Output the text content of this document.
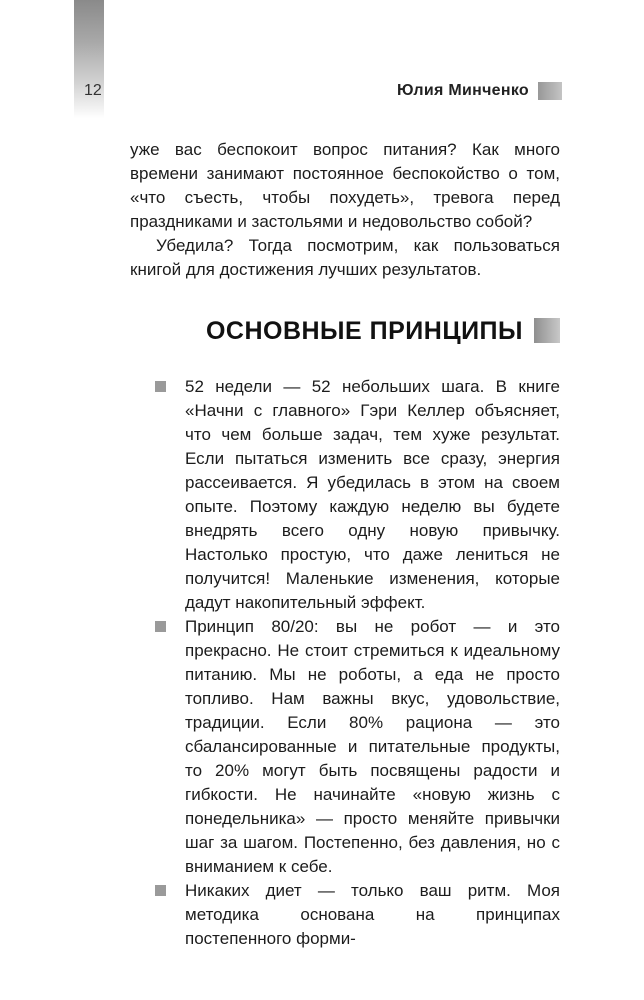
12	Юлия Минченко

уже вас беспокоит вопрос питания? Как много времени занимают постоянное беспокойство о том, «что съесть, чтобы похудеть», тревога перед праздниками и застольями и недовольство собой?

Убедила? Тогда посмотрим, как пользоваться книгой для достижения лучших результатов.

ОСНОВНЫЕ ПРИНЦИПЫ
52 недели — 52 небольших шага. В книге «Начни с главного» Гэри Келлер объясняет, что чем больше задач, тем хуже результат. Если пытаться изменить все сразу, энергия рассеивается. Я убедилась в этом на своем опыте. Поэтому каждую неделю вы будете внедрять всего одну новую привычку. Настолько простую, что даже лениться не получится! Маленькие изменения, которые дадут накопительный эффект.
Принцип 80/20: вы не робот — и это прекрасно. Не стоит стремиться к идеальному питанию. Мы не роботы, а еда не просто топливо. Нам важны вкус, удовольствие, традиции. Если 80% рациона — это сбалансированные и питательные продукты, то 20% могут быть посвящены радости и гибкости. Не начинайте «новую жизнь с понедельника» — просто меняйте привычки шаг за шагом. Постепенно, без давления, но с вниманием к себе.
Никаких диет — только ваш ритм. Моя методика основана на принципах постепенного форми-
